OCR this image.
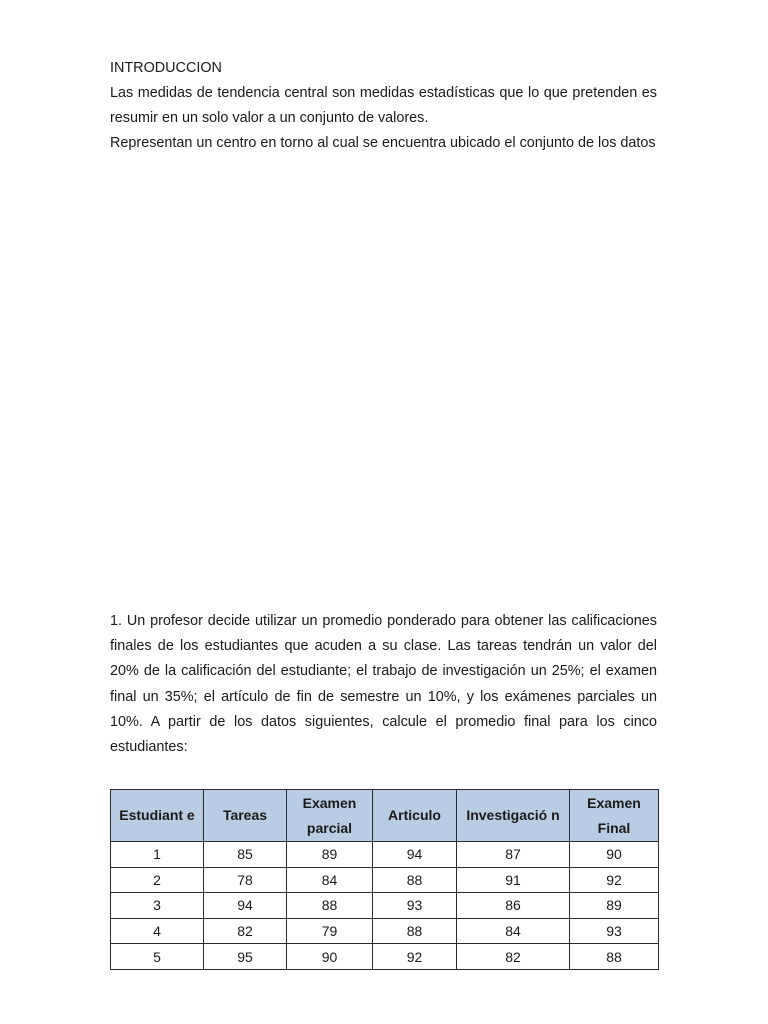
INTRODUCCION

Las medidas de tendencia central son medidas estadísticas que lo que pretenden es resumir en un solo valor a un conjunto de valores.

Representan un centro en torno al cual se encuentra ubicado el conjunto de los datos

1. Un profesor decide utilizar un promedio ponderado para obtener las calificaciones finales de los estudiantes que acuden a su clase. Las tareas tendrán un valor del 20% de la calificación del estudiante; el trabajo de investigación un 25%; el examen final un 35%; el artículo de fin de semestre un 10%, y los exámenes parciales un 10%. A partir de los datos siguientes, calcule el promedio final para los cinco estudiantes:

Estudiant e	Tareas	Examen parcial	Articulo	Investigació n	Examen Final
1	85	89	94	87	90
2	78	84	88	91	92
3	94	88	93	86	89
4	82	79	88	84	93
5	95	90	92	82	88
